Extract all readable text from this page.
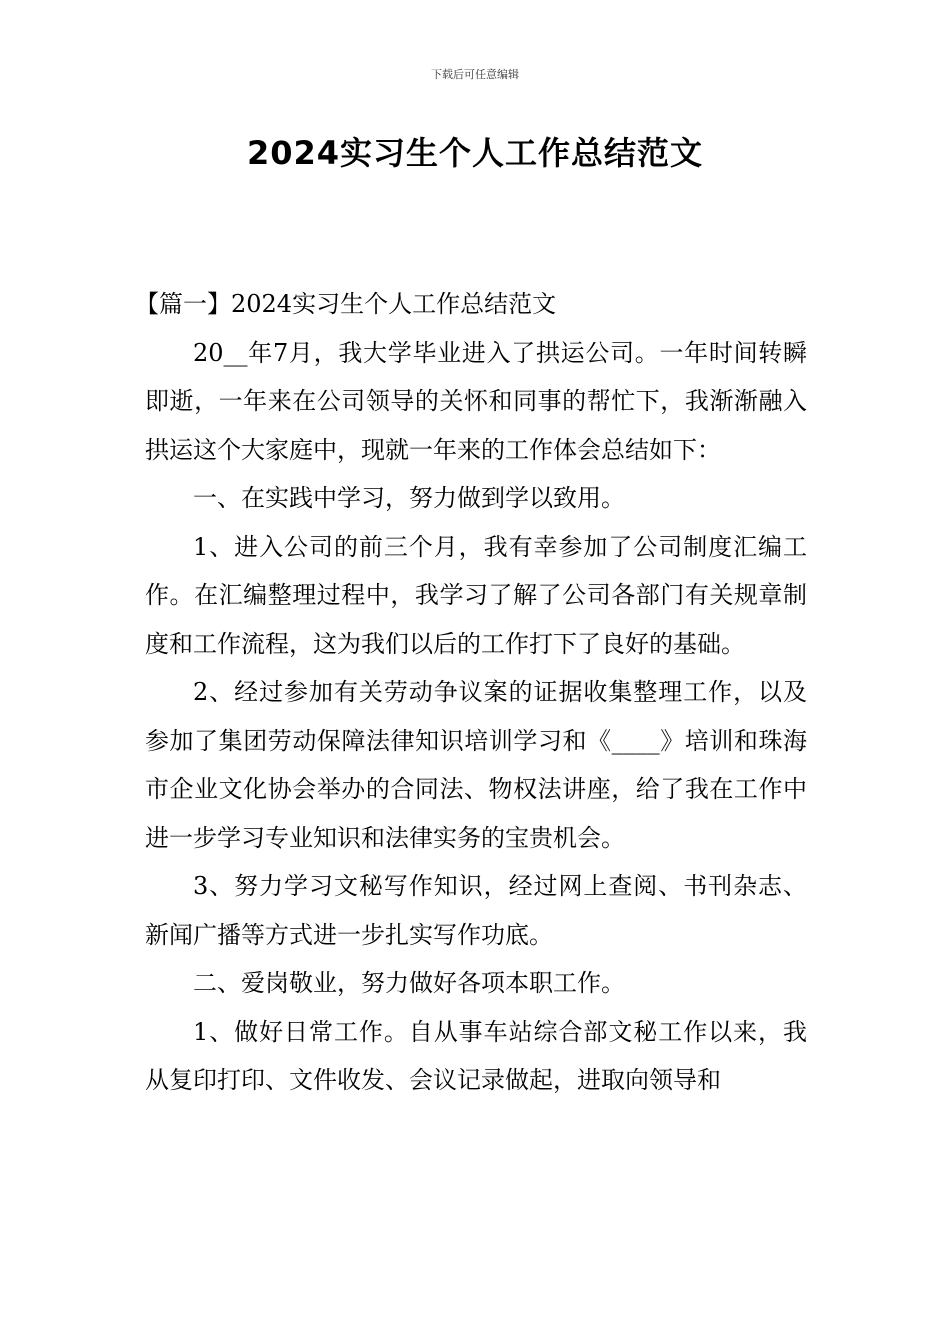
下载后可任意编辑
2024实习生个人工作总结范文

【篇一】2024实习生个人工作总结范文

20__年7月，我大学毕业进入了拱运公司。一年时间转瞬即逝，一年来在公司领导的关怀和同事的帮忙下，我渐渐融入拱运这个大家庭中，现就一年来的工作体会总结如下：

一、在实践中学习，努力做到学以致用。

1、进入公司的前三个月，我有幸参加了公司制度汇编工作。在汇编整理过程中，我学习了解了公司各部门有关规章制度和工作流程，这为我们以后的工作打下了良好的基础。

2、经过参加有关劳动争议案的证据收集整理工作，以及参加了集团劳动保障法律知识培训学习和《____》培训和珠海市企业文化协会举办的合同法、物权法讲座，给了我在工作中进一步学习专业知识和法律实务的宝贵机会。

3、努力学习文秘写作知识，经过网上查阅、书刊杂志、新闻广播等方式进一步扎实写作功底。

二、爱岗敬业，努力做好各项本职工作。

1、做好日常工作。自从事车站综合部文秘工作以来，我从复印打印、文件收发、会议记录做起，进取向领导和
